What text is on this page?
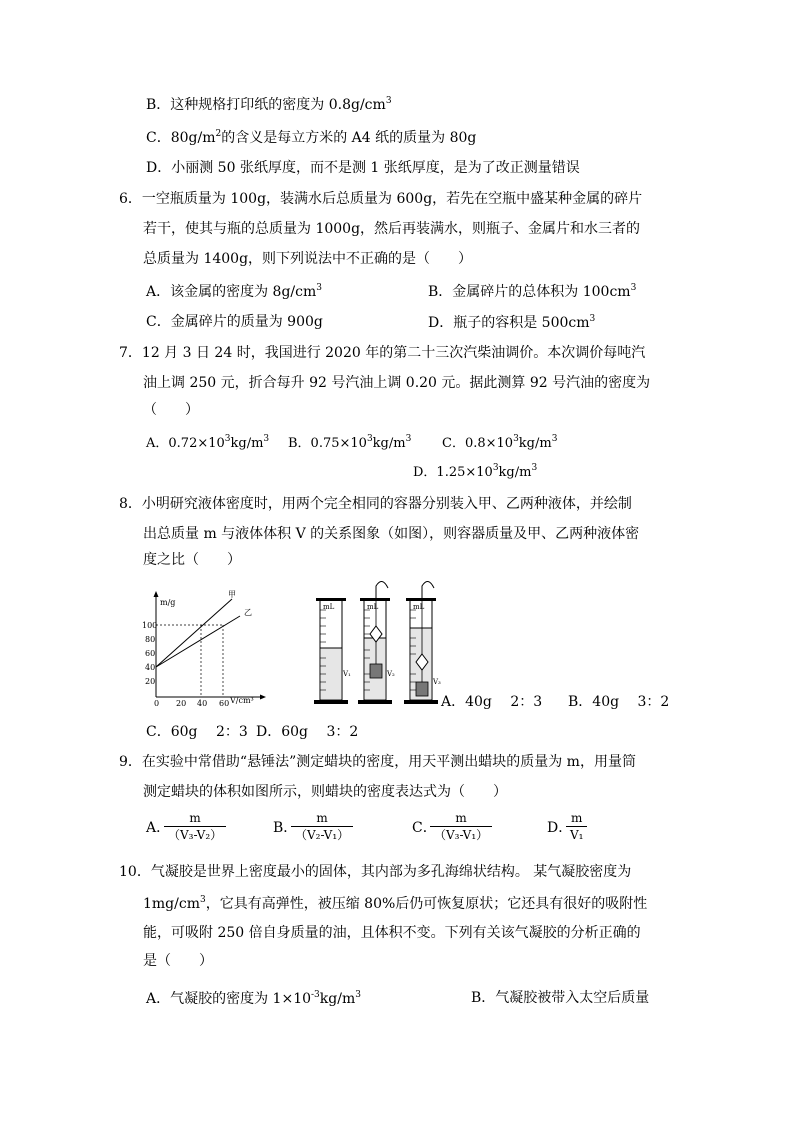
B．这种规格打印纸的密度为 $0.8g/cm^3$
C．$80g/m^2$的含义是每立方米的 A4 纸的质量为 80g
D．小丽测 50 张纸厚度，而不是测 1 张纸厚度，是为了改正测量错误
6．一空瓶质量为 100g，装满水后总质量为 600g，若先在空瓶中盛某种金属的碎片
若干，使其与瓶的总质量为 1000g，然后再装满水，则瓶子、金属片和水三者的
总质量为 1400g，则下列说法中不正确的是（　　）
A．该金属的密度为 $8g/cm^3$	B．金属碎片的总体积为 $100cm^3$
C．金属碎片的质量为 900g	D．瓶子的容积是 $500cm^3$
7．12 月 3 日 24 时，我国进行 2020 年的第二十三次汽柴油调价。本次调价每吨汽
油上调 250 元，折合每升 92 号汽油上调 0.20 元。据此测算 92 号汽油的密度为
（　　）
A．$0.72\times 10^3kg/m^3$ B．$0.75\times 10^3kg/m^3$ C．$0.8\times 10^3kg/m^3$
D．$1.25\times 10^3kg/m^3$
8．小明研究液体密度时，用两个完全相同的容器分别装入甲、乙两种液体，并绘制
出总质量 m 与液体体积 V 的关系图象（如图），则容器质量及甲、乙两种液体密
度之比（　　）
m/g
V/cm³
100
80
60
40
20
0 20 40 60
甲
乙
mL
V₁
mL
V₂
mL
V₃
A．40g　 2：3 B．40g　 3：2
C．60g　 2：3 D．60g　 3：2
9．在实验中常借助“悬锤法”测定蜡块的密度，用天平测出蜡块的质量为 m，用量筒
测定蜡块的体积如图所示，则蜡块的密度表达式为（　　）
A．
$\frac{m}{\text{（V₃-V₂）}}$	B．
$\frac{m}{\text{（V₂-V₁）}}$	C．
$\frac{m}{\text{（V₃-V₁）}}$	D．
$\frac{m}{\text{V₁}}$
10．气凝胶是世界上密度最小的固体，其内部为多孔海绵状结构。 某气凝胶密度为
$1mg/cm^3$，它具有高弹性，被压缩 80%后仍可恢复原状；它还具有很好的吸附性
能，可吸附 250 倍自身质量的油，且体积不变。下列有关该气凝胶的分析正确的
是（　　）
A．气凝胶的密度为 $1\times 10^{-3}kg/m^3$	B．气凝胶被带入太空后质量
